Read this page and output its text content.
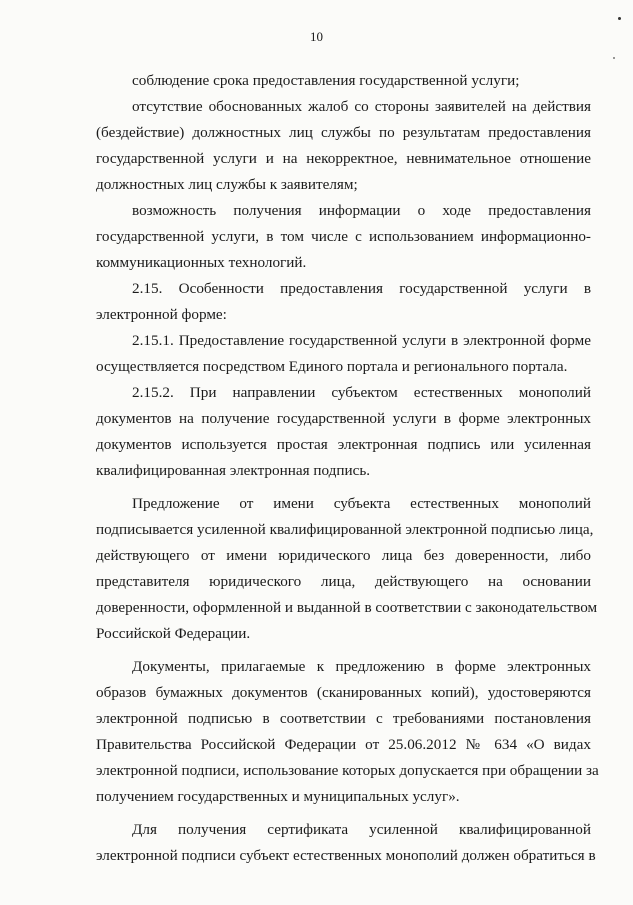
10
соблюдение срока предоставления государственной услуги;
отсутствие обоснованных жалоб со стороны заявителей на действия
(бездействие) должностных лиц службы по результатам предоставления
государственной услуги и на некорректное, невнимательное отношение
должностных лиц службы к заявителям;
возможность получения информации о ходе предоставления
государственной услуги, в том числе с использованием информационно-
коммуникационных технологий.
2.15. Особенности предоставления государственной услуги в
электронной форме:
2.15.1. Предоставление государственной услуги в электронной форме
осуществляется посредством Единого портала и регионального портала.
2.15.2. При направлении субъектом естественных монополий
документов на получение государственной услуги в форме электронных
документов используется простая электронная подпись или усиленная
квалифицированная электронная подпись.
Предложение от имени субъекта естественных монополий
подписывается усиленной квалифицированной электронной подписью лица,
действующего от имени юридического лица без доверенности, либо
представителя юридического лица, действующего на основании
доверенности, оформленной и выданной в соответствии с законодательством
Российской Федерации.
Документы, прилагаемые к предложению в форме электронных
образов бумажных документов (сканированных копий), удостоверяются
электронной подписью в соответствии с требованиями постановления
Правительства Российской Федерации от 25.06.2012 № 634 «О видах
электронной подписи, использование которых допускается при обращении за
получением государственных и муниципальных услуг».
Для получения сертификата усиленной квалифицированной
электронной подписи субъект естественных монополий должен обратиться в
